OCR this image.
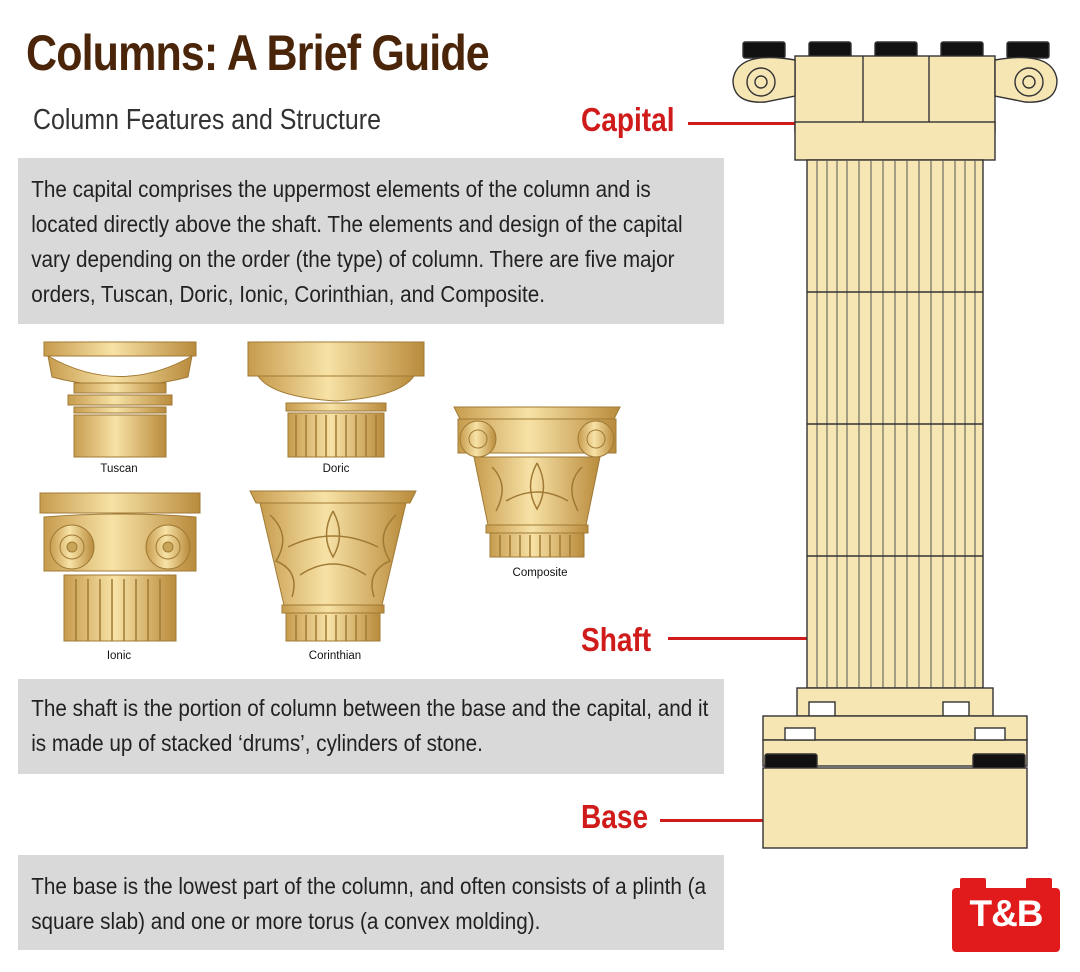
Columns: A Brief Guide
Column Features and Structure

The capital comprises the uppermost elements of the column and is located directly above the shaft. The elements and design of the capital vary depending on the order (the type) of column. There are five major orders, Tuscan, Doric, Ionic, Corinthian, and Composite.

Tuscan	Doric
Ionic	Corinthian
Composite

The shaft is the portion of column between the base and the capital, and it is made up of stacked ‘drums’, cylinders of stone.

The base is the lowest part of the column, and often consists of a plinth (a square slab) and one or more torus (a convex molding).

Capital
Shaft
Base
T&B
